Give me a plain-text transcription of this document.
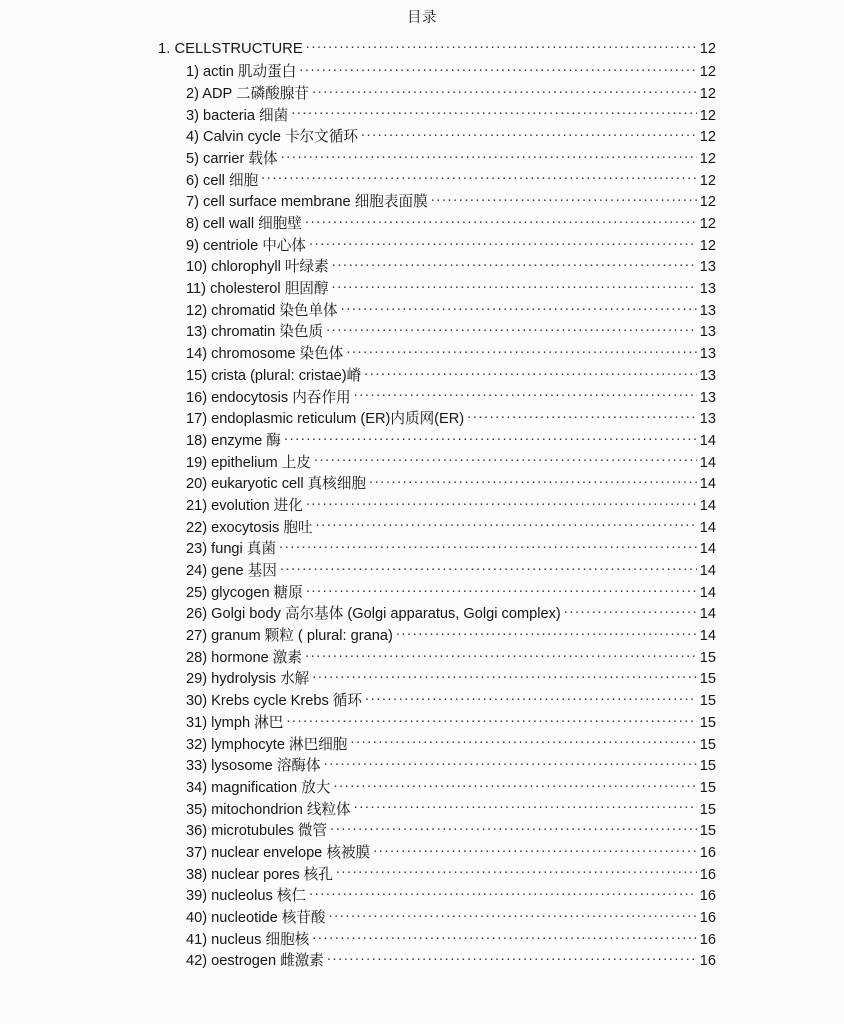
目录
1. CELLSTRUCTURE .....	12
1) actin 肌动蛋白 .....	12
2) ADP 二磷酸腺苷 .....	12
3) bacteria 细菌 .....	12
4) Calvin cycle 卡尔文循环 .....	12
5) carrier 载体 .....	12
6) cell 细胞 .....	12
7) cell surface membrane 细胞表面膜 .....	12
8) cell wall 细胞壁 .....	12
9) centriole 中心体 .....	12
10) chlorophyll 叶绿素 .....	13
11) cholesterol 胆固醇 .....	13
12) chromatid 染色单体 .....	13
13) chromatin 染色质 .....	13
14) chromosome 染色体 .....	13
15) crista (plural: cristae)嵴 .....	13
16) endocytosis 内吞作用 .....	13
17) endoplasmic reticulum (ER)内质网(ER) .....	13
18) enzyme 酶 .....	14
19) epithelium 上皮 .....	14
20) eukaryotic cell 真核细胞 .....	14
21) evolution 进化 .....	14
22) exocytosis 胞吐 .....	14
23) fungi 真菌 .....	14
24) gene 基因 .....	14
25) glycogen 糖原 .....	14
26) Golgi body 高尔基体 (Golgi apparatus, Golgi complex) .....	14
27) granum 颗粒 ( plural: grana) .....	14
28) hormone 激素 .....	15
29) hydrolysis 水解 .....	15
30) Krebs cycle Krebs 循环 .....	15
31) lymph 淋巴 .....	15
32) lymphocyte 淋巴细胞 .....	15
33) lysosome 溶酶体 .....	15
34) magnification 放大 .....	15
35) mitochondrion 线粒体 .....	15
36) microtubules 微管 .....	15
37) nuclear envelope 核被膜 .....	16
38) nuclear pores 核孔 .....	16
39) nucleolus 核仁 .....	16
40) nucleotide 核苷酸 .....	16
41) nucleus 细胞核 .....	16
42) oestrogen 雌激素 .....	16
